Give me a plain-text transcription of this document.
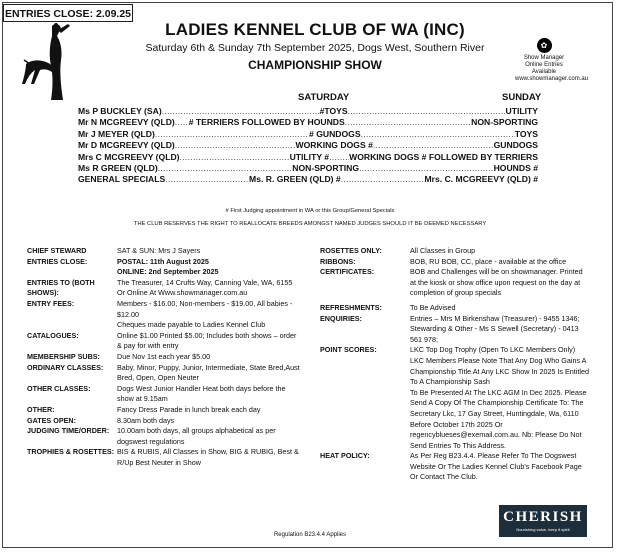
ENTRIES CLOSE: 2.09.25
LADIES KENNEL CLUB OF WA (INC)
Saturday 6th & Sunday 7th September 2025, Dogs West, Southern River
CHAMPIONSHIP SHOW
✿
Show Manager
Online Entries Available
www.showmanager.com.au
SATURDAY	SUNDAY
Ms P BUCKLEY (SA) .....	#TOYS .....	UTILITY
Mr N MCGREEVY (QLD) ..... # TERRIERS FOLLOWED BY HOUNDS .....	NON-SPORTING
Mr J MEYER (QLD) .....	# GUNDOGS .....	TOYS
Mr D MCGREEVY (QLD) .....	WORKING DOGS # .....	GUNDOGS
Mrs C MCGREEVY (QLD) .....	UTILITY # ..... WORKING DOGS # FOLLOWED BY TERRIERS
Ms R GREEN (QLD) .....	NON-SPORTING .....	HOUNDS #
GENERAL SPECIALS .....	Ms. R. GREEN (QLD) # .....	Mrs. C. MCGREEVY (QLD) #
# First Judging appointment in WA or this Group/General Specials
THE CLUB RESERVES THE RIGHT TO REALLOCATE BREEDS AMONGST NAMED JUDGES SHOULD IT BE DEEMED NECESSARY
CHIEF STEWARD	SAT & SUN: Mrs J Sayers
ENTRIES CLOSE:	POSTAL: 11th August 2025
ONLINE: 2nd September 2025
ENTRIES TO (BOTH SHOWS):
The Treasurer, 14 Crufts Way, Canning Vale, WA, 6155
Or Online At Www.showmanager.com.au
ENTRY FEES:	Members - $16.00, Non-members - $19.00, All babies - $12.00
Cheques made payable to Ladies Kennel Club
CATALOGUES:	Online $1.00 Printed $5.00; Includes both shows – order & pay for with entry
MEMBERSHIP SUBS:	Due Nov 1st each year $5.00
ORDINARY CLASSES:	Baby, Minor, Puppy, Junior, Intermediate, State Bred,Aust Bred, Open, Open Neuter
OTHER CLASSES:	Dogs West Junior Handler Heat both days before the show at 9.15am
OTHER:	Fancy Dress Parade in lunch break each day
GATES OPEN:	8.30am both days
JUDGING TIME/ORDER:	10.00am both days, all groups alphabetical as per dogswest regulations
TROPHIES & ROSETTES: BIS & RUBIS, All Classes in Show, BIG & RUBIG, Best & R/Up Best Neuter in Show
ROSETTES ONLY:	All Classes in Group
RIBBONS:	BOB, RU BOB, CC, place - available at the office
CERTIFICATES:	BOB and Challenges will be on showmanager. Printed at the kiosk or show office upon request on the day at completion of group specials
REFRESHMENTS:	To Be Advised
ENQUIRIES:	Entries – Mrs M Birkenshaw (Treasurer) - 9455 1346;
Stewarding & Other - Ms S Sewell (Secretary) - 0413 561 978;
POINT SCORES:	LKC Top Dog Trophy (Open To LKC Members Only)
LKC Members Please Note That Any Dog Who Gains A Championship Title At Any LKC Show In 2025 Is Entitled To A Championship Sash
To Be Presented At The LKC AGM In Dec 2025. Please Send A Copy Of The Championship Certificate To: The Secretary Lkc, 17 Gay Street, Huntingdale, Wa, 6110 Before October 17th 2025 Or regencyblueses@exemail.com.au. Nb: Please Do Not Send Entries To This Address.
HEAT POLICY:	As Per Reg B23.4.4. Please Refer To The Dogswest Website Or The Ladies Kennel Club's Facebook Page Or Contact The Club.
CHERISH
Nourishing value, keep it spirit
Regulation B23.4.4 Applies
